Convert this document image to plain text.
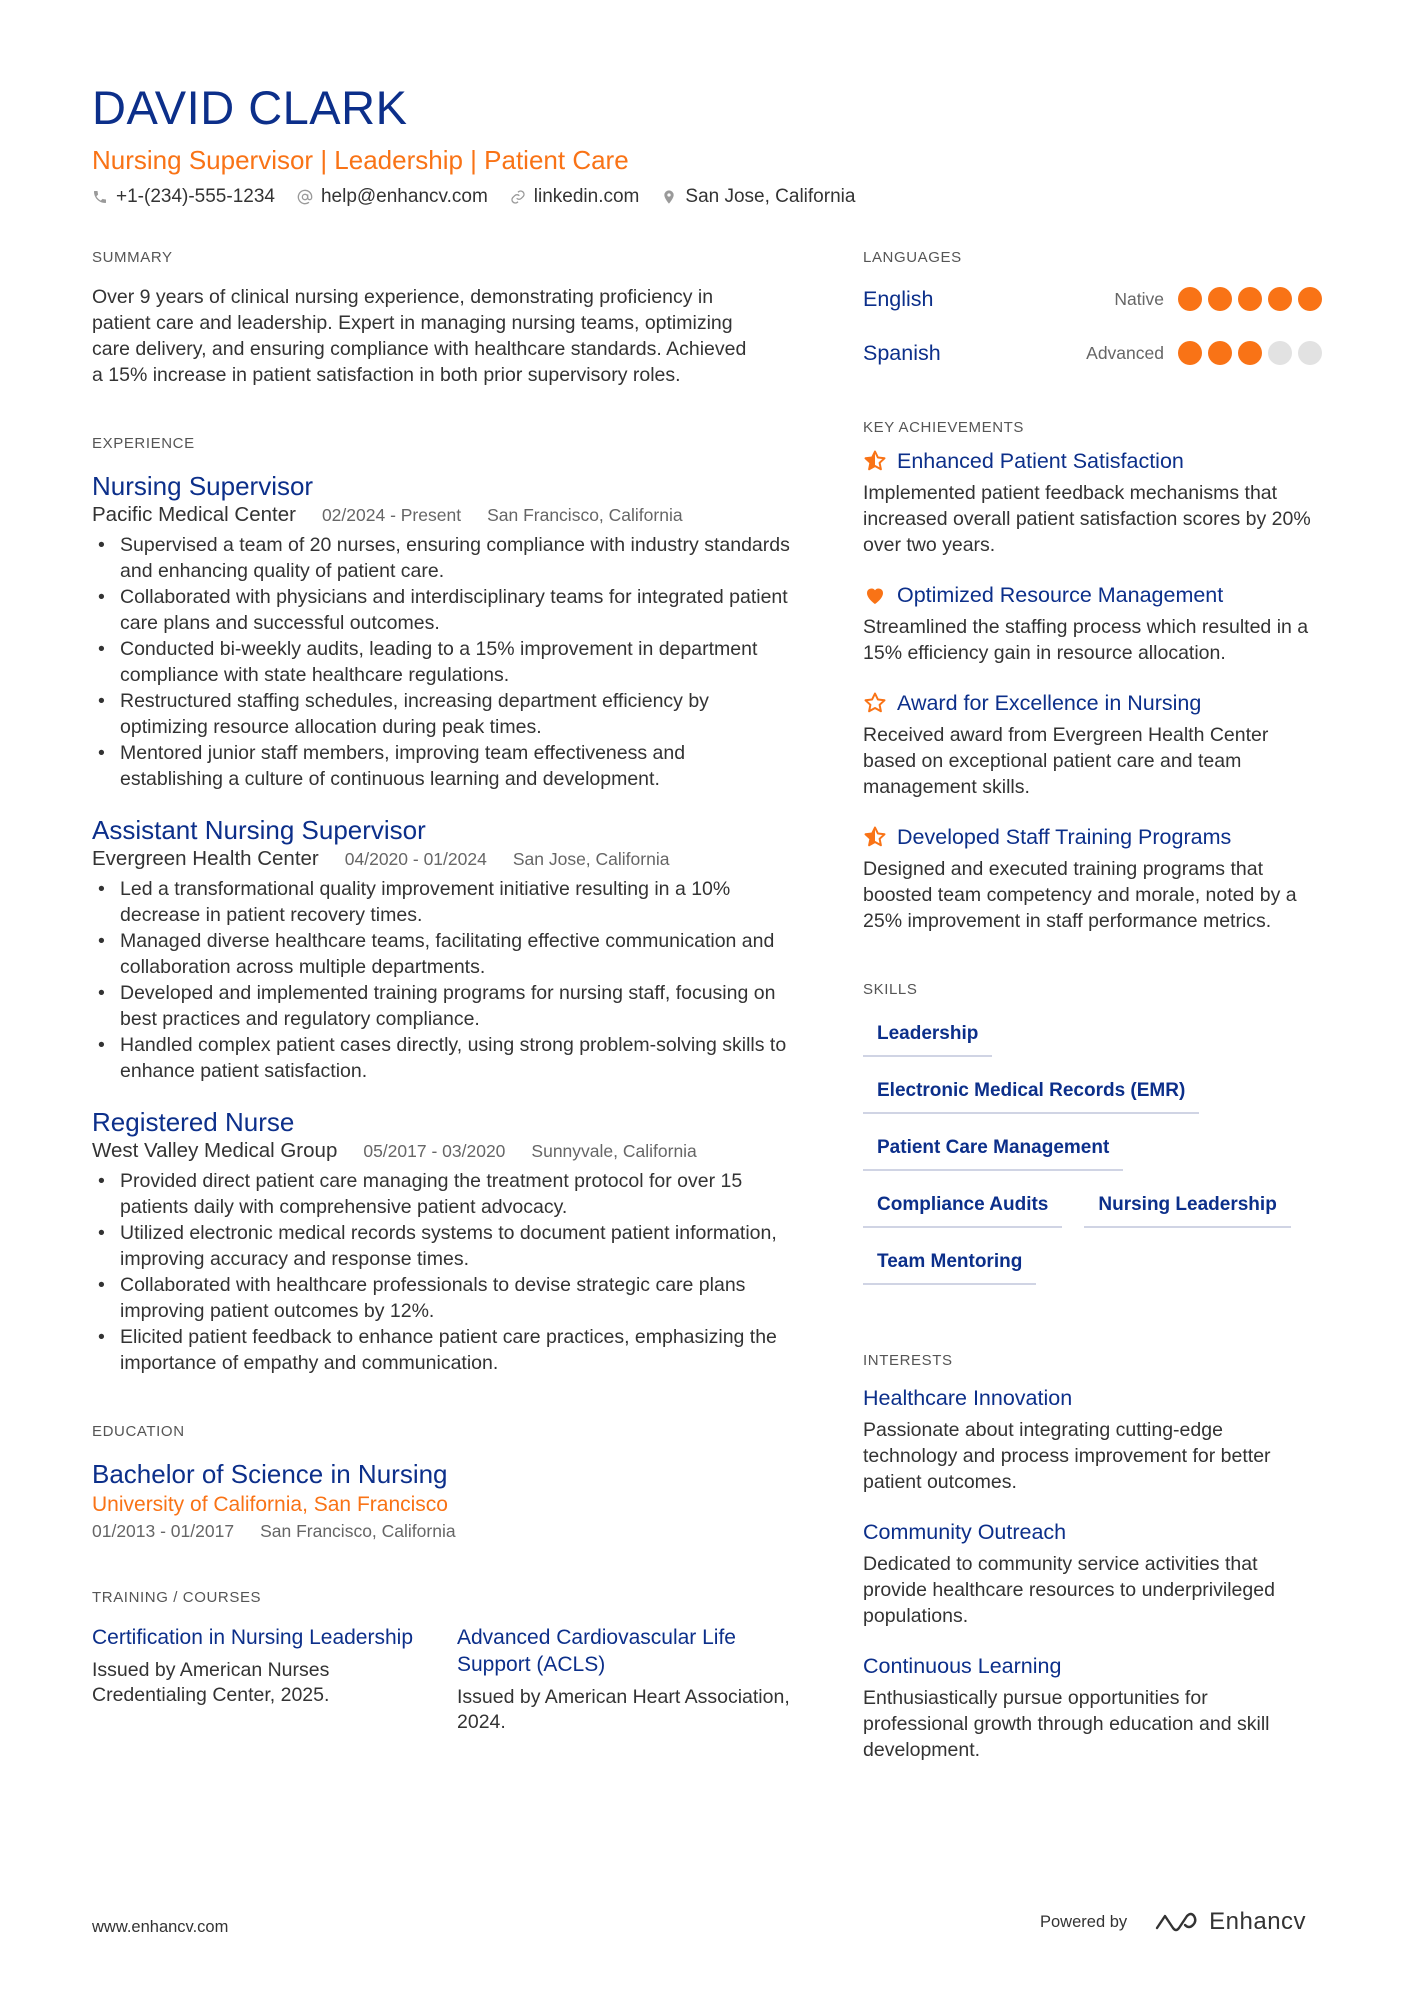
DAVID CLARK
Nursing Supervisor | Leadership | Patient Care
+1-(234)-555-1234 help@enhancv.com linkedin.com San Jose, California
SUMMARY
Over 9 years of clinical nursing experience, demonstrating proficiency in patient care and leadership. Expert in managing nursing teams, optimizing care delivery, and ensuring compliance with healthcare standards. Achieved a 15% increase in patient satisfaction in both prior supervisory roles.
EXPERIENCE
Nursing Supervisor
Pacific Medical Center 02/2024 - Present San Francisco, California
• Supervised a team of 20 nurses, ensuring compliance with industry standards and enhancing quality of patient care.
• Collaborated with physicians and interdisciplinary teams for integrated patient care plans and successful outcomes.
• Conducted bi-weekly audits, leading to a 15% improvement in department compliance with state healthcare regulations.
• Restructured staffing schedules, increasing department efficiency by optimizing resource allocation during peak times.
• Mentored junior staff members, improving team effectiveness and establishing a culture of continuous learning and development.
Assistant Nursing Supervisor
Evergreen Health Center 04/2020 - 01/2024 San Jose, California
• Led a transformational quality improvement initiative resulting in a 10% decrease in patient recovery times.
• Managed diverse healthcare teams, facilitating effective communication and collaboration across multiple departments.
• Developed and implemented training programs for nursing staff, focusing on best practices and regulatory compliance.
• Handled complex patient cases directly, using strong problem-solving skills to enhance patient satisfaction.
Registered Nurse
West Valley Medical Group 05/2017 - 03/2020 Sunnyvale, California
• Provided direct patient care managing the treatment protocol for over 15 patients daily with comprehensive patient advocacy.
• Utilized electronic medical records systems to document patient information, improving accuracy and response times.
• Collaborated with healthcare professionals to devise strategic care plans improving patient outcomes by 12%.
• Elicited patient feedback to enhance patient care practices, emphasizing the importance of empathy and communication.
EDUCATION
Bachelor of Science in Nursing
University of California, San Francisco
01/2013 - 01/2017 San Francisco, California
TRAINING / COURSES
Certification in Nursing Leadership
Issued by American Nurses Credentialing Center, 2025.
Advanced Cardiovascular Life Support (ACLS)
Issued by American Heart Association, 2024.
LANGUAGES
English	Native
Spanish	Advanced
KEY ACHIEVEMENTS
Enhanced Patient Satisfaction
Implemented patient feedback mechanisms that increased overall patient satisfaction scores by 20% over two years.
Optimized Resource Management
Streamlined the staffing process which resulted in a 15% efficiency gain in resource allocation.
Award for Excellence in Nursing
Received award from Evergreen Health Center based on exceptional patient care and team management skills.
Developed Staff Training Programs
Designed and executed training programs that boosted team competency and morale, noted by a 25% improvement in staff performance metrics.
SKILLS
Leadership
Electronic Medical Records (EMR)
Patient Care Management
Compliance Audits	Nursing Leadership
Team Mentoring
INTERESTS
Healthcare Innovation
Passionate about integrating cutting-edge technology and process improvement for better patient outcomes.
Community Outreach
Dedicated to community service activities that provide healthcare resources to underprivileged populations.
Continuous Learning
Enthusiastically pursue opportunities for professional growth through education and skill development.
www.enhancv.com	Powered by	Enhancv
